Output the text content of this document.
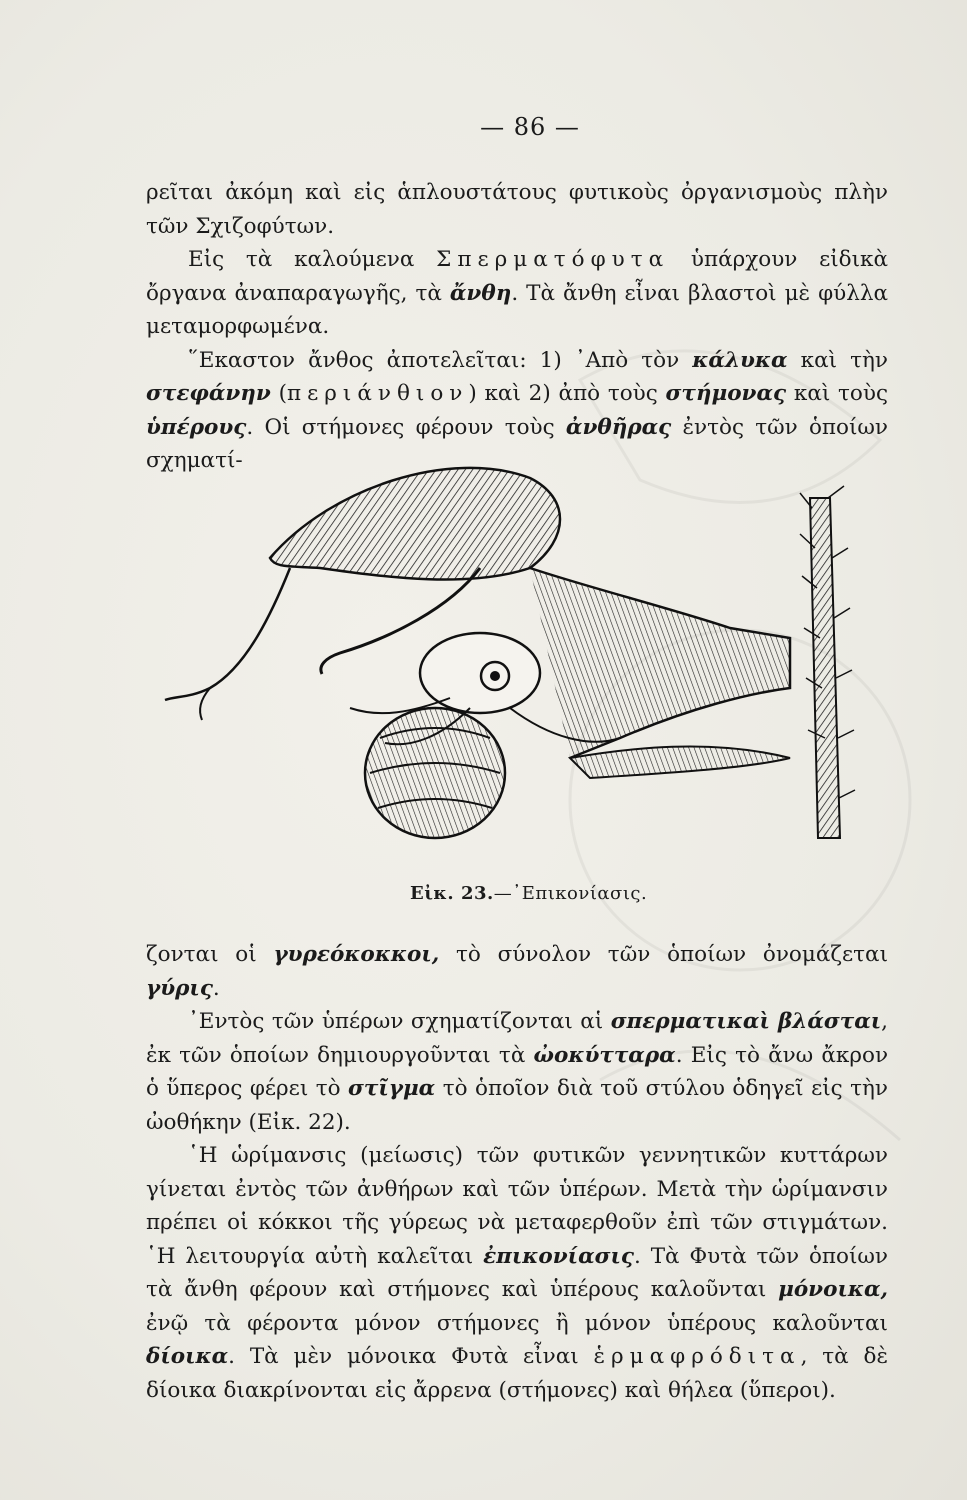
— 86 —

ρεῖται ἀκόμη καὶ εἰς ἁπλουστάτους φυτικοὺς ὀργανισμοὺς πλὴν τῶν Σχιζοφύτων.

Εἰς τὰ καλούμενα Σπερματόφυτα ὑπάρχουν εἰδικὰ ὄργανα ἀναπαραγωγῆς, τὰ ἄνθη. Τὰ ἄνθη εἶναι βλαστοὶ μὲ φύλλα μεταμορφωμένα.

῞Εκαστον ἄνθος ἀποτελεῖται: 1) ᾽Απὸ τὸν κάλυκα καὶ τὴν στεφάνην (περιάνθιον) καὶ 2) ἀπὸ τοὺς στήμονας καὶ τοὺς ὑπέρους. Οἱ στήμονες φέρουν τοὺς ἀνθῆρας ἐντὸς τῶν ὁποίων σχηματί-

Εἰκ. 23.—᾽Επικονίασις.

ζονται οἱ γυρεόκοκκοι, τὸ σύνολον τῶν ὁποίων ὀνομάζεται γύρις.

᾽Εντὸς τῶν ὑπέρων σχηματίζονται αἱ σπερματικαὶ βλάσται, ἐκ τῶν ὁποίων δημιουργοῦνται τὰ ὠοκύτταρα. Εἰς τὸ ἄνω ἄκρον ὁ ὕπερος φέρει τὸ στῖγμα τὸ ὁποῖον διὰ τοῦ στύλου ὁδηγεῖ εἰς τὴν ὠοθήκην (Εἰκ. 22).

῾Η ὡρίμανσις (μείωσις) τῶν φυτικῶν γεννητικῶν κυττάρων γίνεται ἐντὸς τῶν ἀνθήρων καὶ τῶν ὑπέρων. Μετὰ τὴν ὡρίμανσιν πρέπει οἱ κόκκοι τῆς γύρεως νὰ μεταφερθοῦν ἐπὶ τῶν στιγμάτων. ῾Η λειτουργία αὐτὴ καλεῖται ἐπικονίασις. Τὰ Φυτὰ τῶν ὁποίων τὰ ἄνθη φέρουν καὶ στήμονες καὶ ὑπέρους καλοῦνται μόνοικα, ἐνῷ τὰ φέροντα μόνον στήμονες ἢ μόνον ὑπέρους καλοῦνται δίοικα. Τὰ μὲν μόνοικα Φυτὰ εἶναι ἑρμαφρόδιτα, τὰ δὲ δίοικα διακρίνονται εἰς ἄρρενα (στήμονες) καὶ θήλεα (ὕπεροι).
